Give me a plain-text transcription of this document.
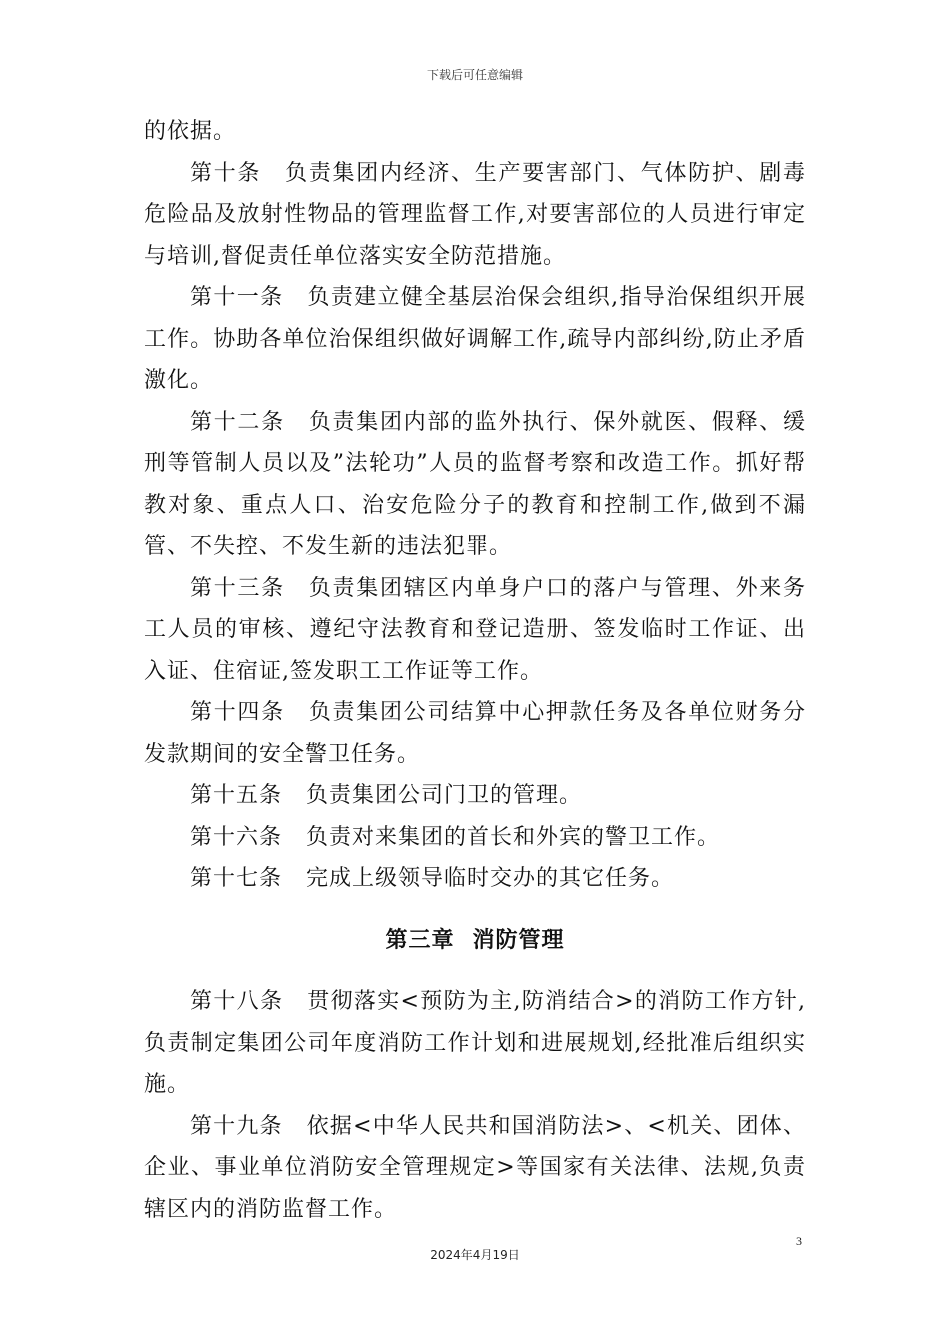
下载后可任意编辑

的依据。

第十条 负责集团内经济、生产要害部门、气体防护、剧毒危险品及放射性物品的管理监督工作,对要害部位的人员进行审定与培训,督促责任单位落实安全防范措施。

第十一条 负责建立健全基层治保会组织,指导治保组织开展工作。协助各单位治保组织做好调解工作,疏导内部纠纷,防止矛盾激化。

第十二条 负责集团内部的监外执行、保外就医、假释、缓刑等管制人员以及”法轮功”人员的监督考察和改造工作。抓好帮教对象、重点人口、治安危险分子的教育和控制工作,做到不漏管、不失控、不发生新的违法犯罪。

第十三条 负责集团辖区内单身户口的落户与管理、外来务工人员的审核、遵纪守法教育和登记造册、签发临时工作证、出入证、住宿证,签发职工工作证等工作。

第十四条 负责集团公司结算中心押款任务及各单位财务分发款期间的安全警卫任务。

第十五条 负责集团公司门卫的管理。

第十六条 负责对来集团的首长和外宾的警卫工作。

第十七条 完成上级领导临时交办的其它任务。

第三章 消防管理

第十八条 贯彻落实<预防为主,防消结合>的消防工作方针,负责制定集团公司年度消防工作计划和进展规划,经批准后组织实施。

第十九条 依据<中华人民共和国消防法>、<机关、团体、企业、事业单位消防安全管理规定>等国家有关法律、法规,负责辖区内的消防监督工作。

3
2024年4月19日
